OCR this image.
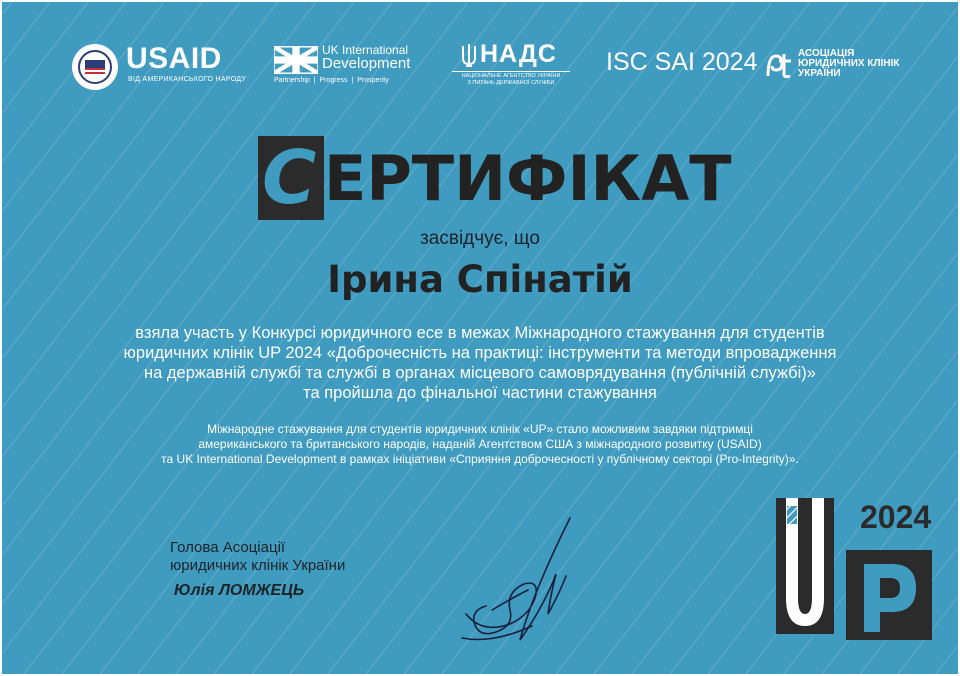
USAID
ВІД АМЕРИКАНСЬКОГО НАРОДУ
UK International
Development
Partnership | Progress | Prosperity
НАДС
НАЦІОНАЛЬНЕ АГЕНТСТВО УКРАЇНИ
З ПИТАНЬ ДЕРЖАВНОЇ СЛУЖБИ
ISC SAI 2024	АСОЦІАЦІЯ
ЮРИДИЧНИХ КЛІНІК
УКРАЇНИ
С ЕРТИФІКАТ
засвідчує, що
Ірина Спінатій
взяла участь у Конкурсі юридичного есе в межах Міжнародного стажування для студентів
юридичних клінік UP 2024 «Доброчесність на практиці: інструменти та методи впровадження
на державній службі та службі в органах місцевого самоврядування (публічній службі)»
та пройшла до фінальної частини стажування
Міжнародне стажування для студентів юридичних клінік «UP» стало можливим завдяки підтримці
американського та британського народів, наданій Агентством США з міжнародного розвитку (USAID)
та UK International Development в рамках ініціативи «Сприяння доброчесності у публічному секторі (Pro-Integrity)».
Голова Асоціації
юридичних клінік України
Юлія ЛОМЖЕЦЬ
2024
